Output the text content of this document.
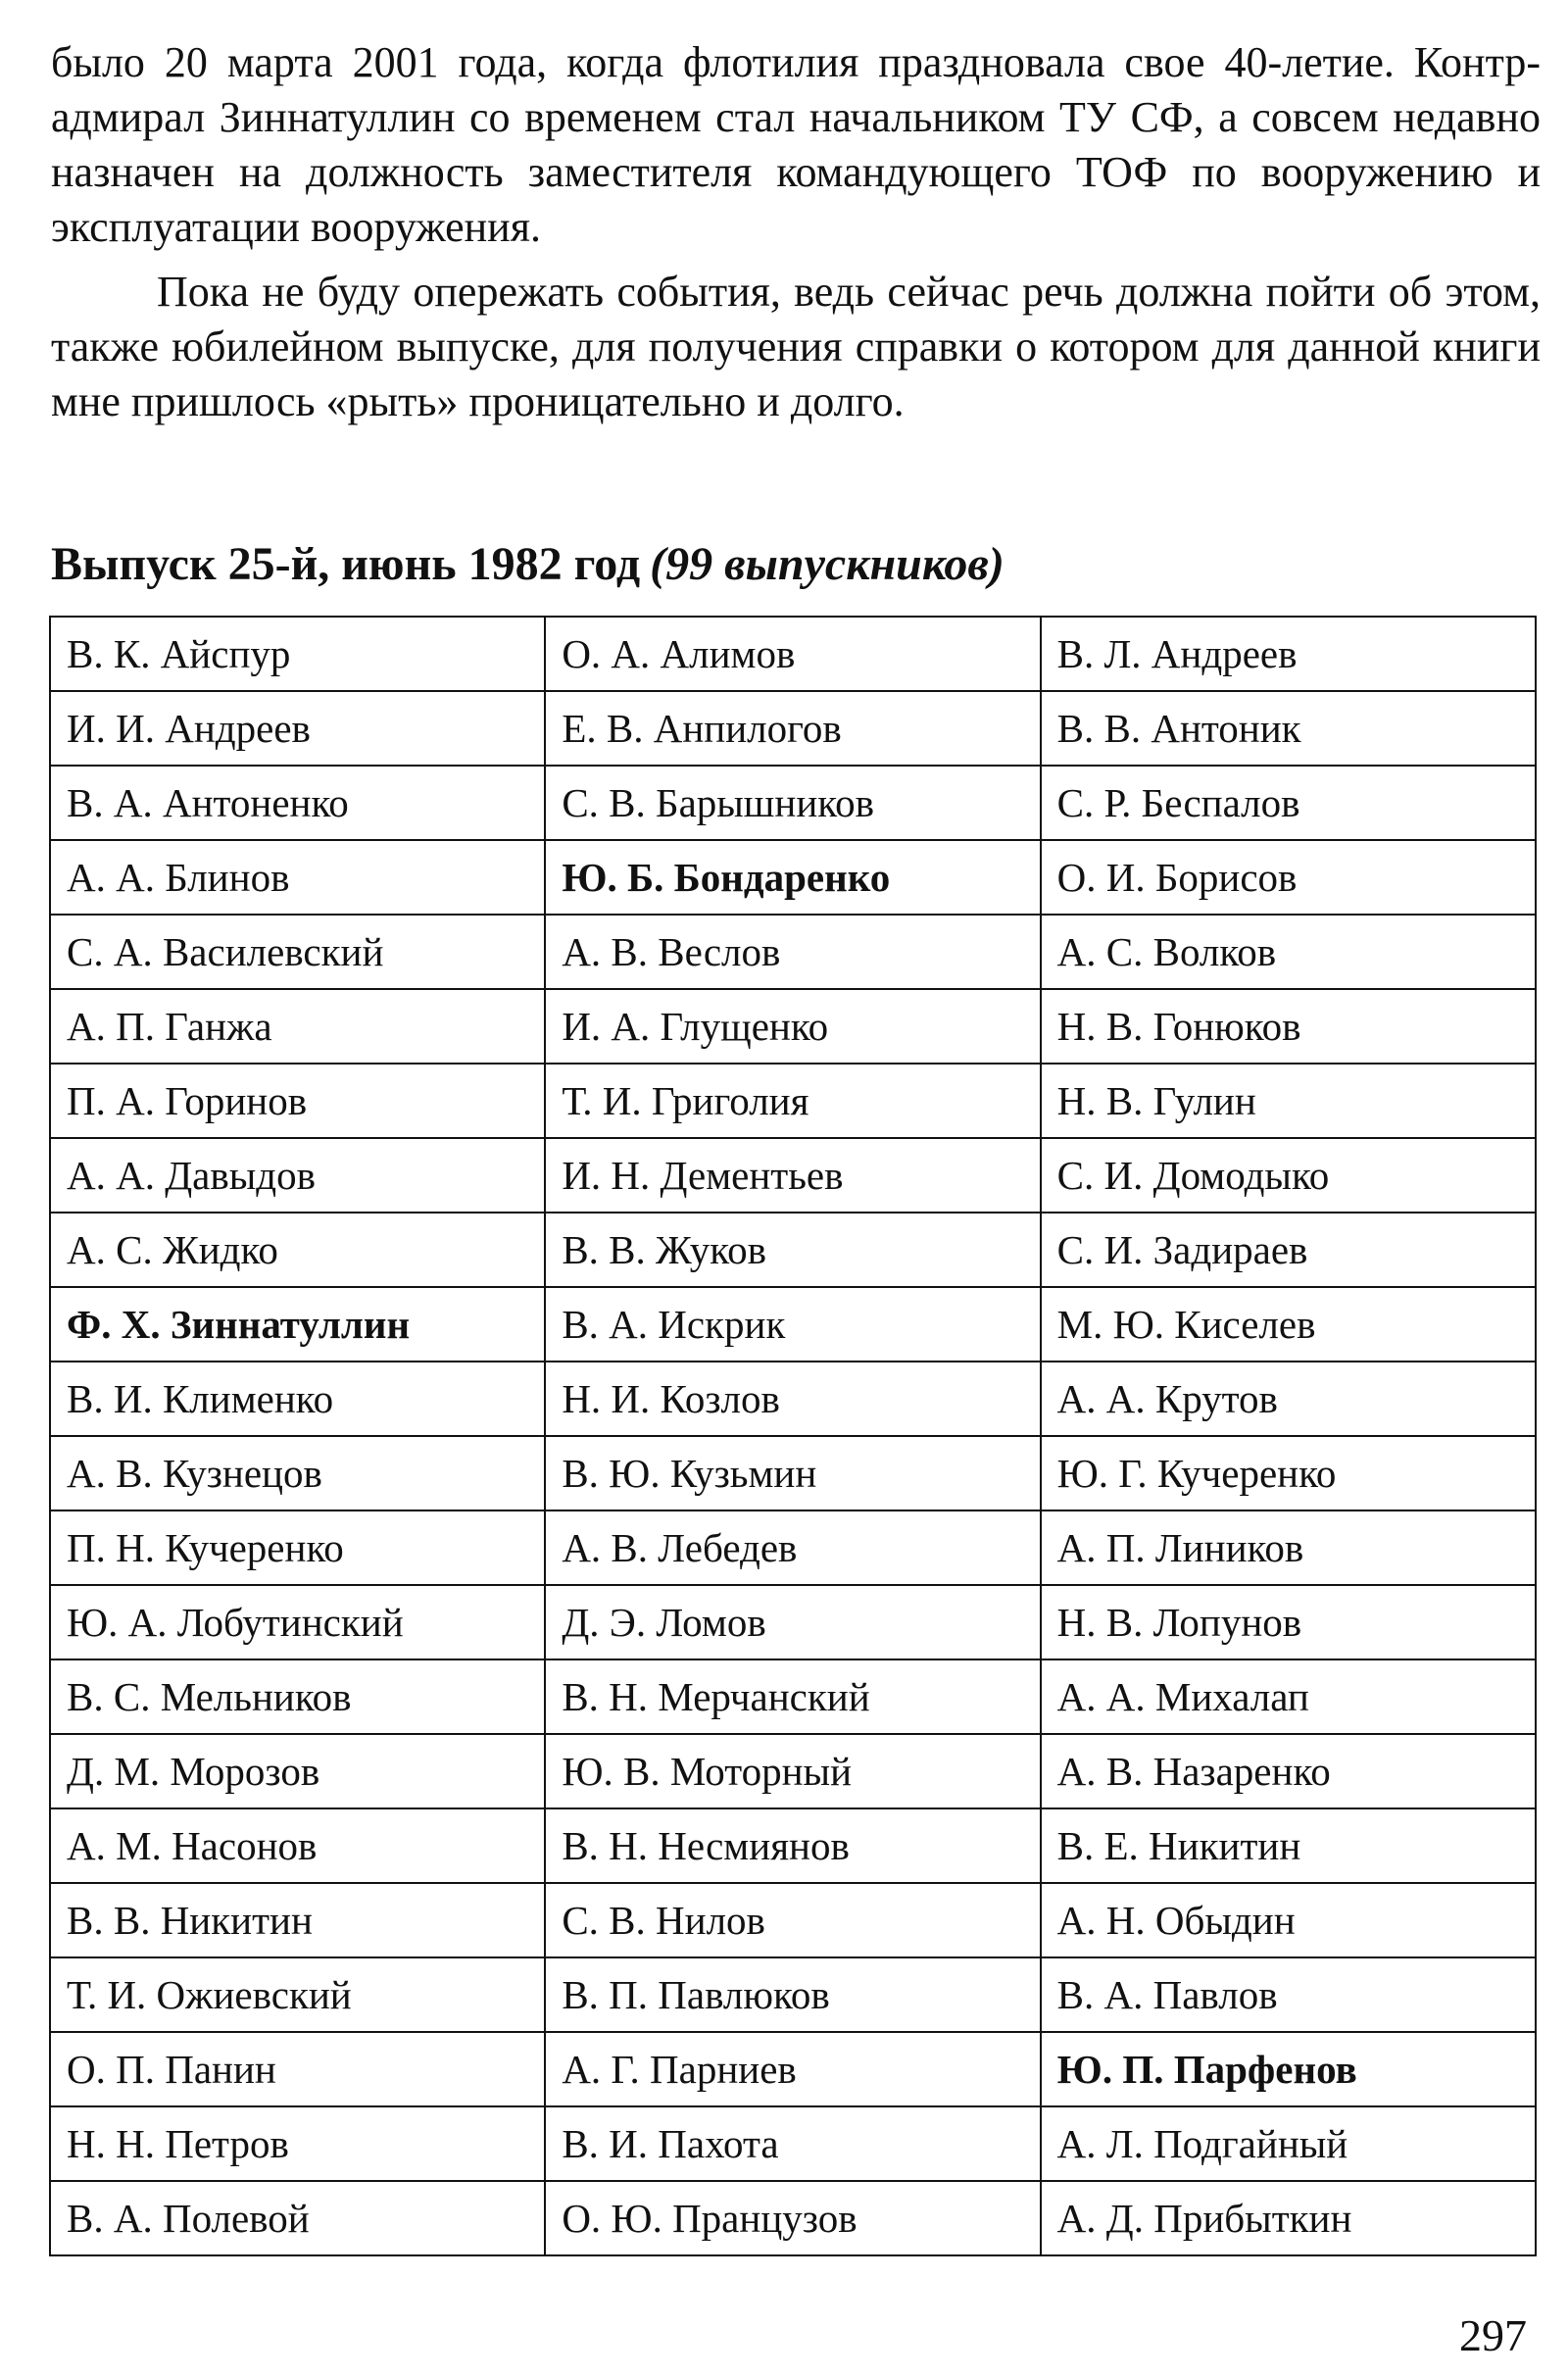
было 20 марта 2001 года, когда флотилия праздновала свое 40-летие. Контр-адмирал Зиннатуллин со временем стал начальником ТУ СФ, а совсем недавно назначен на должность заместителя командующего ТОФ по вооружению и эксплуатации вооружения.

Пока не буду опережать события, ведь сейчас речь должна пойти об этом, также юбилейном выпуске, для получения справки о котором для данной книги мне пришлось «рыть» проницательно и долго.

Выпуск 25-й, июнь 1982 год (99 выпускников)
В. К. Айспур	О. А. Алимов	В. Л. Андреев
И. И. Андреев	Е. В. Анпилогов	В. В. Антоник
В. А. Антоненко	С. В. Барышников	С. Р. Беспалов
А. А. Блинов	Ю. Б. Бондаренко	О. И. Борисов
С. А. Василевский	А. В. Веслов	А. С. Волков
А. П. Ганжа	И. А. Глущенко	Н. В. Гонюков
П. А. Горинов	Т. И. Григолия	Н. В. Гулин
А. А. Давыдов	И. Н. Дементьев	С. И. Домодыко
А. С. Жидко	В. В. Жуков	С. И. Задираев
Ф. Х. Зиннатуллин	В. А. Искрик	М. Ю. Киселев
В. И. Клименко	Н. И. Козлов	А. А. Крутов
А. В. Кузнецов	В. Ю. Кузьмин	Ю. Г. Кучеренко
П. Н. Кучеренко	А. В. Лебедев	А. П. Лиников
Ю. А. Лобутинский	Д. Э. Ломов	Н. В. Лопунов
В. С. Мельников	В. Н. Мерчанский	А. А. Михалап
Д. М. Морозов	Ю. В. Моторный	А. В. Назаренко
А. М. Насонов	В. Н. Несмиянов	В. Е. Никитин
В. В. Никитин	С. В. Нилов	А. Н. Обыдин
Т. И. Ожиевский	В. П. Павлюков	В. А. Павлов
О. П. Панин	А. Г. Парниев	Ю. П. Парфенов
Н. Н. Петров	В. И. Пахота	А. Л. Подгайный
В. А. Полевой	О. Ю. Пранцузов	А. Д. Прибыткин

297
